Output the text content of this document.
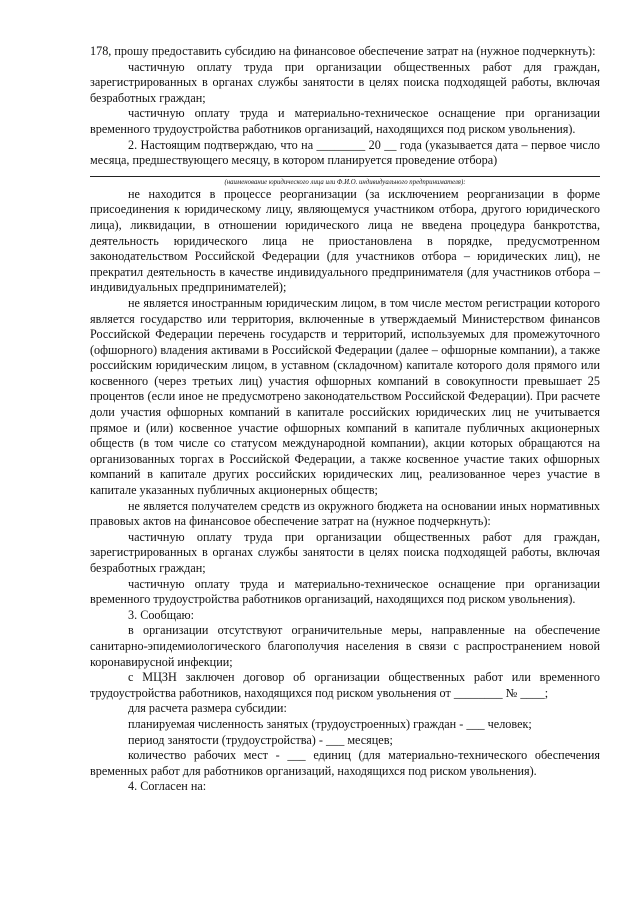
178, прошу предоставить субсидию на финансовое обеспечение затрат на (нужное подчеркнуть):

частичную оплату труда при организации общественных работ для граждан, зарегистрированных в органах службы занятости в целях поиска подходящей работы, включая безработных граждан;

частичную оплату труда и материально-техническое оснащение при организации временного трудоустройства работников организаций, находящихся под риском увольнения).

2. Настоящим подтверждаю, что на ________ 20 __ года (указывается дата – первое число месяца, предшествующего месяцу, в котором планируется проведение отбора)

(наименование юридического лица или Ф.И.О. индивидуального предпринимателя):

не находится в процессе реорганизации (за исключением реорганизации в форме присоединения к юридическому лицу, являющемуся участником отбора, другого юридического лица), ликвидации, в отношении юридического лица не введена процедура банкротства, деятельность юридического лица не приостановлена в порядке, предусмотренном законодательством Российской Федерации (для участников отбора – юридических лиц), не прекратил деятельность в качестве индивидуального предпринимателя (для участников отбора – индивидуальных предпринимателей);

не является иностранным юридическим лицом, в том числе местом регистрации которого является государство или территория, включенные в утверждаемый Министерством финансов Российской Федерации перечень государств и территорий, используемых для промежуточного (офшорного) владения активами в Российской Федерации (далее – офшорные компании), а также российским юридическим лицом, в уставном (складочном) капитале которого доля прямого или косвенного (через третьих лиц) участия офшорных компаний в совокупности превышает 25 процентов (если иное не предусмотрено законодательством Российской Федерации). При расчете доли участия офшорных компаний в капитале российских юридических лиц не учитывается прямое и (или) косвенное участие офшорных компаний в капитале публичных акционерных обществ (в том числе со статусом международной компании), акции которых обращаются на организованных торгах в Российской Федерации, а также косвенное участие таких офшорных компаний в капитале других российских юридических лиц, реализованное через участие в капитале указанных публичных акционерных обществ;

не является получателем средств из окружного бюджета на основании иных нормативных правовых актов на финансовое обеспечение затрат на (нужное подчеркнуть):

частичную оплату труда при организации общественных работ для граждан, зарегистрированных в органах службы занятости в целях поиска подходящей работы, включая безработных граждан;

частичную оплату труда и материально-техническое оснащение при организации временного трудоустройства работников организаций, находящихся под риском увольнения).

3. Сообщаю:

в организации отсутствуют ограничительные меры, направленные на обеспечение санитарно-эпидемиологического благополучия населения в связи с распространением новой коронавирусной инфекции;

с МЦЗН заключен договор об организации общественных работ или временного трудоустройства работников, находящихся под риском увольнения от ________ № ____;

для расчета размера субсидии:

планируемая численность занятых (трудоустроенных) граждан - ___ человек;

период занятости (трудоустройства) - ___ месяцев;

количество рабочих мест - ___ единиц (для материально-технического обеспечения временных работ для работников организаций, находящихся под риском увольнения).

4. Согласен на:
